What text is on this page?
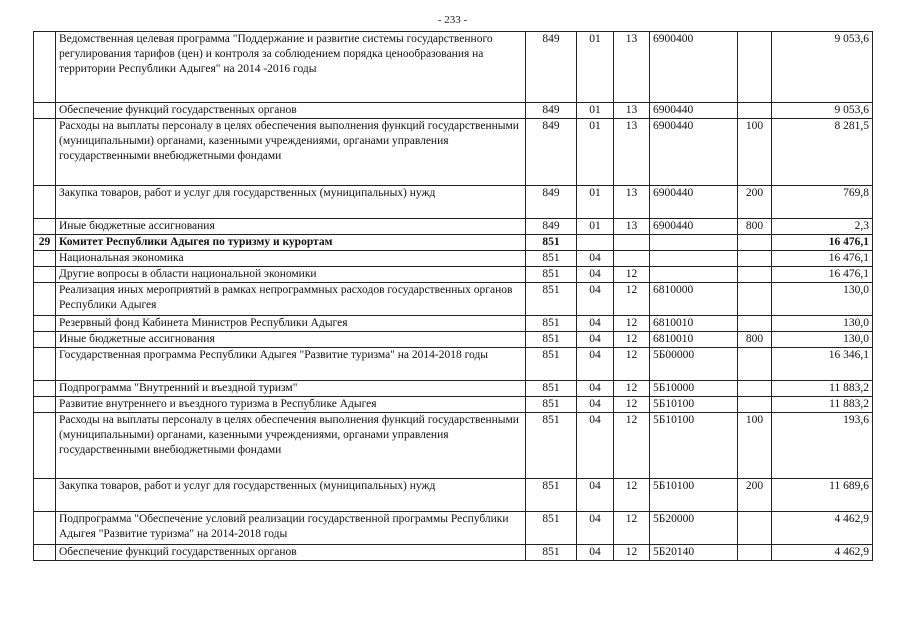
- 233 -
	Ведомственная целевая программа "Поддержание и развитие системы государственного регулирования тарифов (цен) и контроля за соблюдением порядка ценообразования на территории Республики Адыгея" на 2014 -2016 годы	849	01	13	6900400		9 053,6
	Обеспечение функций государственных органов	849	01	13	6900440		9 053,6
	Расходы на выплаты персоналу в целях обеспечения выполнения функций государственными (муниципальными) органами, казенными учреждениями, органами управления государственными внебюджетными фондами	849	01	13	6900440	100	8 281,5
	Закупка товаров, работ и услуг для государственных (муниципальных) нужд	849	01	13	6900440	200	769,8
	Иные бюджетные ассигнования	849	01	13	6900440	800	2,3
29	Комитет Республики Адыгея по туризму и курортам	851					16 476,1
	Национальная экономика	851	04				16 476,1
	Другие вопросы в области национальной экономики	851	04	12			16 476,1
	Реализация иных мероприятий в рамках непрограммных расходов государственных органов Республики Адыгея	851	04	12	6810000		130,0
	Резервный фонд Кабинета Министров Республики Адыгея	851	04	12	6810010		130,0
	Иные бюджетные ассигнования	851	04	12	6810010	800	130,0
	Государственная программа Республики Адыгея "Развитие туризма" на 2014-2018 годы	851	04	12	5Б00000		16 346,1
	Подпрограмма "Внутренний и въездной туризм"	851	04	12	5Б10000		11 883,2
	Развитие внутреннего и въездного туризма в Республике Адыгея	851	04	12	5Б10100		11 883,2
	Расходы на выплаты персоналу в целях обеспечения выполнения функций государственными (муниципальными) органами, казенными учреждениями, органами управления государственными внебюджетными фондами	851	04	12	5Б10100	100	193,6
	Закупка товаров, работ и услуг для государственных (муниципальных) нужд	851	04	12	5Б10100	200	11 689,6
	Подпрограмма "Обеспечение условий реализации государственной программы Республики Адыгея "Развитие туризма" на 2014-2018 годы	851	04	12	5Б20000		4 462,9
	Обеспечение функций государственных органов	851	04	12	5Б20140		4 462,9
